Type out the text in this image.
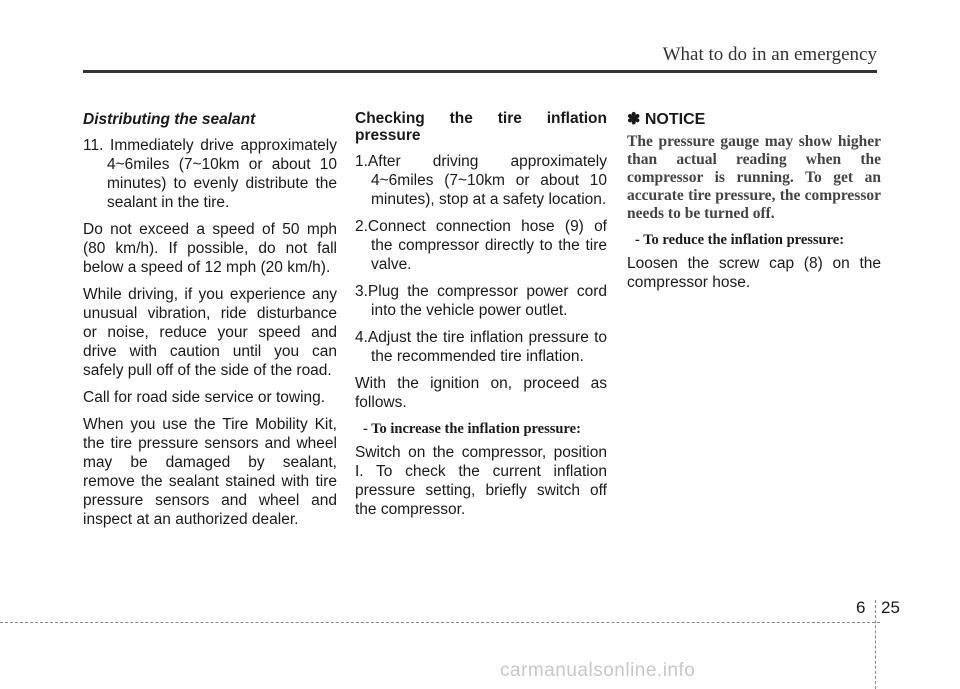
What to do in an emergency
Distributing the sealant

11. Immediately drive approximately 4~6miles (7~10km or about 10 minutes) to evenly distribute the sealant in the tire.

Do not exceed a speed of 50 mph (80 km/h). If possible, do not fall below a speed of 12 mph (20 km/h).

While driving, if you experience any unusual vibration, ride disturbance or noise, reduce your speed and drive with caution until you can safely pull off of the side of the road.

Call for road side service or towing.

When you use the Tire Mobility Kit, the tire pressure sensors and wheel may be damaged by sealant, remove the sealant stained with tire pressure sensors and wheel and inspect at an authorized dealer.

Checking the tire inflation pressure

1.After driving approximately 4~6miles (7~10km or about 10 minutes), stop at a safety location.

2.Connect connection hose (9) of the compressor directly to the tire valve.

3.Plug the compressor power cord into the vehicle power outlet.

4.Adjust the tire inflation pressure to the recommended tire inflation.

With the ignition on, proceed as follows.

- To increase the inflation pressure:

Switch on the compressor, position I. To check the current inflation pressure setting, briefly switch off the compressor.

✽ NOTICE

The pressure gauge may show higher than actual reading when the compressor is running. To get an accurate tire pressure, the compressor needs to be turned off.

- To reduce the inflation pressure:

Loosen the screw cap (8) on the compressor hose.

6 25
carmanualsonline.info
